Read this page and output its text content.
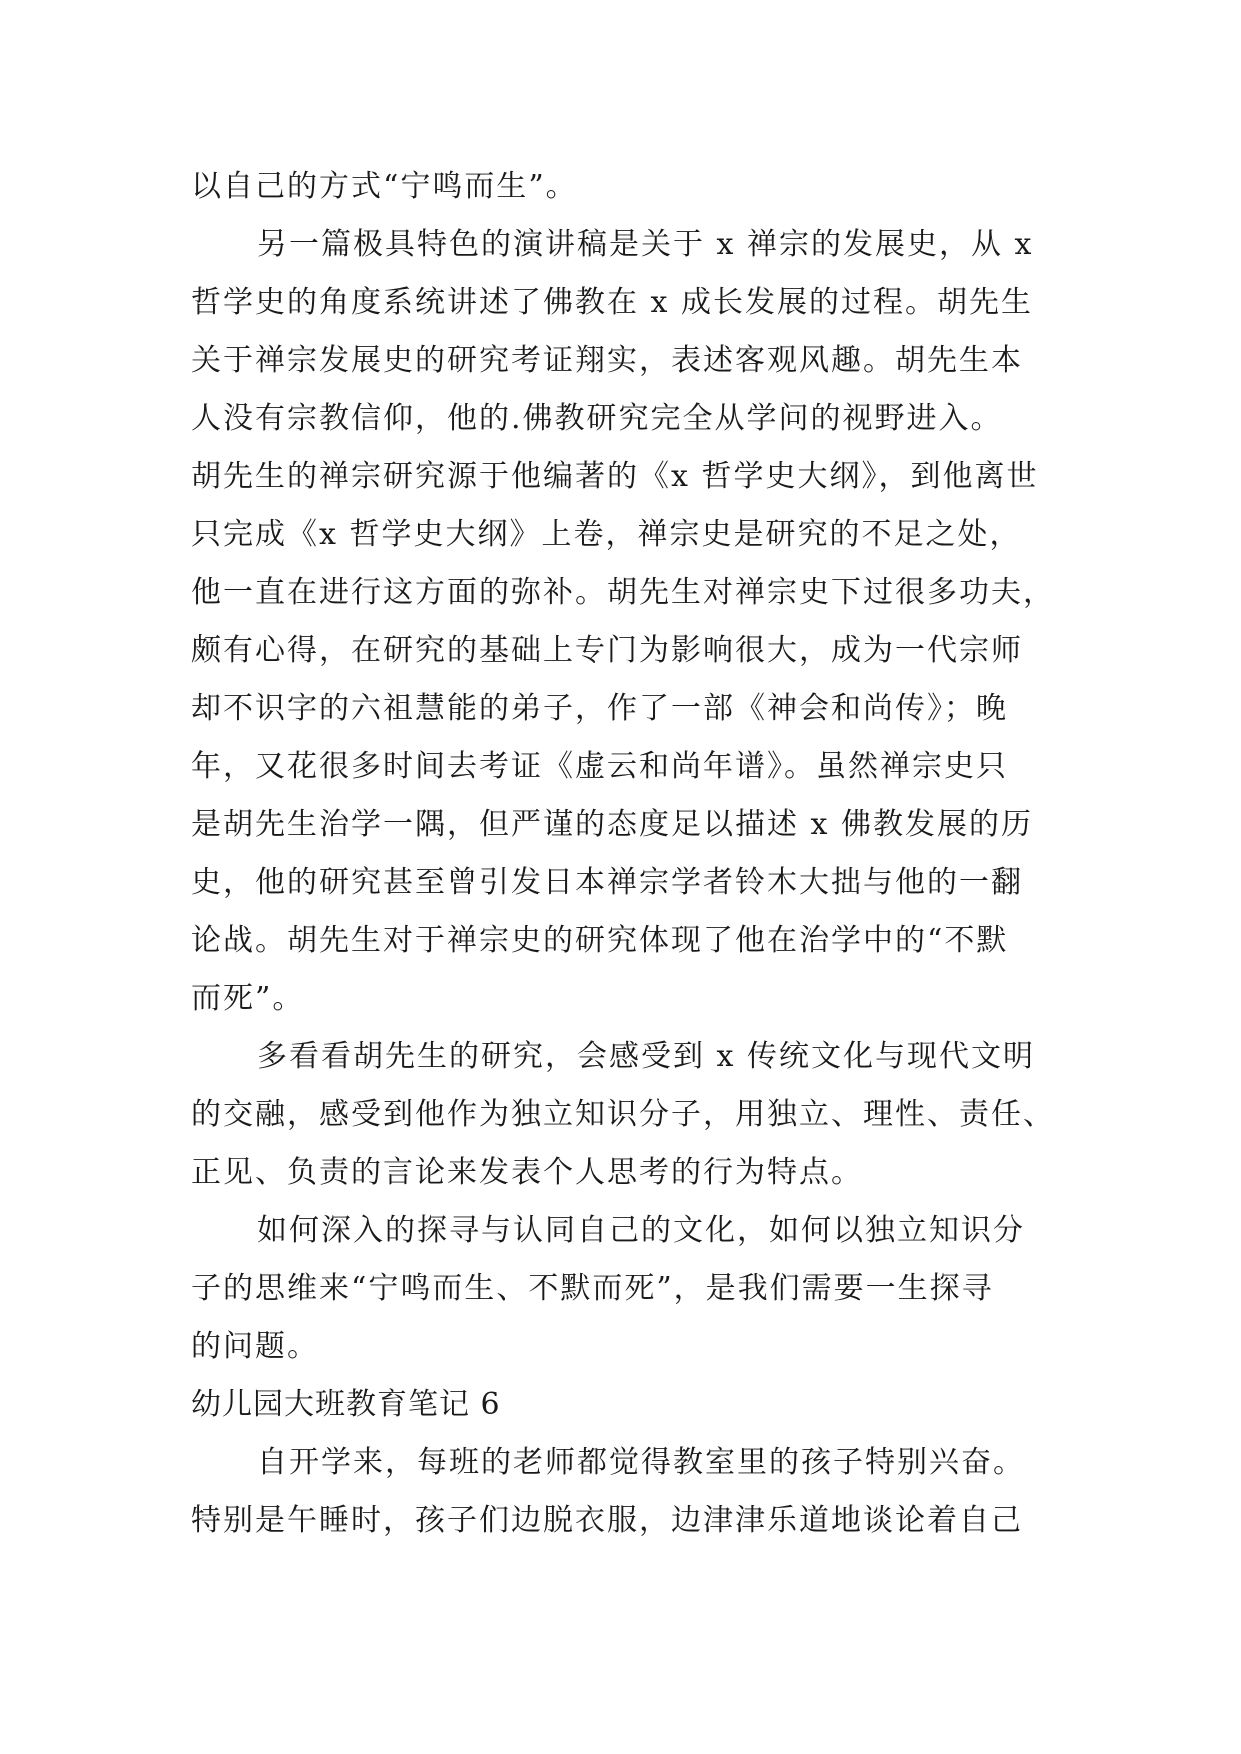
以自己的方式“宁鸣而生”。
另一篇极具特色的演讲稿是关于 x 禅宗的发展史，从 x
哲学史的角度系统讲述了佛教在 x 成长发展的过程。胡先生
关于禅宗发展史的研究考证翔实，表述客观风趣。胡先生本
人没有宗教信仰，他的.佛教研究完全从学问的视野进入。
胡先生的禅宗研究源于他编著的《x 哲学史大纲》，到他离世
只完成《x 哲学史大纲》上卷，禅宗史是研究的不足之处，
他一直在进行这方面的弥补。胡先生对禅宗史下过很多功夫，
颇有心得，在研究的基础上专门为影响很大，成为一代宗师
却不识字的六祖慧能的弟子，作了一部《神会和尚传》；晚
年，又花很多时间去考证《虚云和尚年谱》。虽然禅宗史只
是胡先生治学一隅，但严谨的态度足以描述 x 佛教发展的历
史，他的研究甚至曾引发日本禅宗学者铃木大拙与他的一翻
论战。胡先生对于禅宗史的研究体现了他在治学中的“不默
而死”。
多看看胡先生的研究，会感受到 x 传统文化与现代文明
的交融，感受到他作为独立知识分子，用独立、理性、责任、
正见、负责的言论来发表个人思考的行为特点。
如何深入的探寻与认同自己的文化，如何以独立知识分
子的思维来“宁鸣而生、不默而死”，是我们需要一生探寻
的问题。
幼儿园大班教育笔记 6
自开学来，每班的老师都觉得教室里的孩子特别兴奋。
特别是午睡时，孩子们边脱衣服，边津津乐道地谈论着自己
